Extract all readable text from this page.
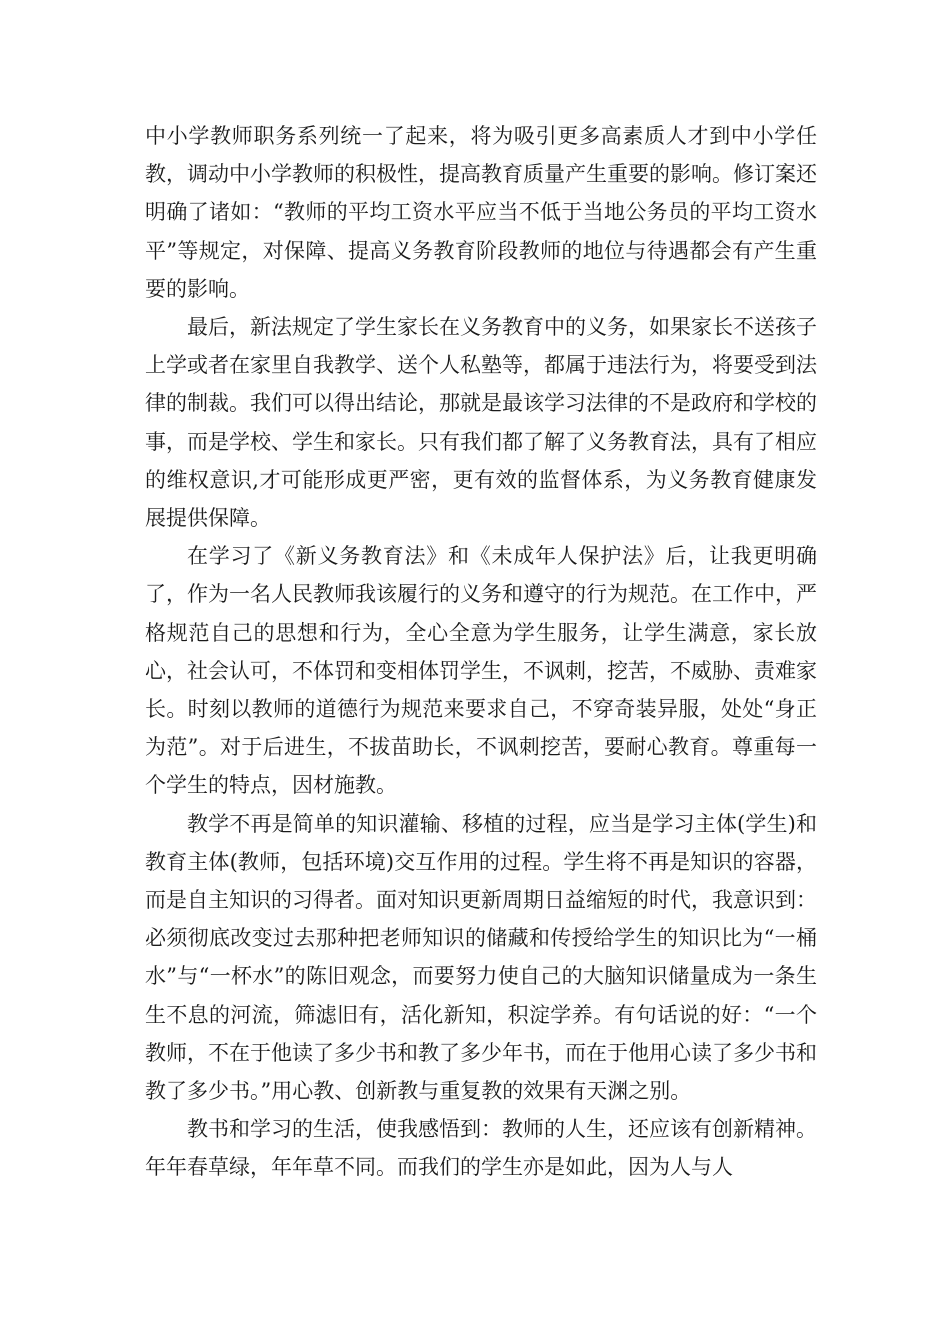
中小学教师职务系列统一了起来，将为吸引更多高素质人才到中小学任教，调动中小学教师的积极性，提高教育质量产生重要的影响。修订案还明确了诸如：“教师的平均工资水平应当不低于当地公务员的平均工资水平”等规定，对保障、提高义务教育阶段教师的地位与待遇都会有产生重要的影响。

最后，新法规定了学生家长在义务教育中的义务，如果家长不送孩子上学或者在家里自我教学、送个人私塾等，都属于违法行为，将要受到法律的制裁。我们可以得出结论，那就是最该学习法律的不是政府和学校的事，而是学校、学生和家长。只有我们都了解了义务教育法，具有了相应的维权意识,才可能形成更严密，更有效的监督体系，为义务教育健康发展提供保障。

在学习了《新义务教育法》和《未成年人保护法》后，让我更明确了，作为一名人民教师我该履行的义务和遵守的行为规范。在工作中，严格规范自己的思想和行为，全心全意为学生服务，让学生满意，家长放心，社会认可，不体罚和变相体罚学生，不讽刺，挖苦，不威胁、责难家长。时刻以教师的道德行为规范来要求自己，不穿奇装异服，处处“身正为范”。对于后进生，不拔苗助长，不讽刺挖苦，要耐心教育。尊重每一个学生的特点，因材施教。

教学不再是简单的知识灌输、移植的过程，应当是学习主体(学生)和教育主体(教师，包括环境)交互作用的过程。学生将不再是知识的容器，而是自主知识的习得者。面对知识更新周期日益缩短的时代，我意识到：必须彻底改变过去那种把老师知识的储藏和传授给学生的知识比为“一桶水”与“一杯水”的陈旧观念，而要努力使自己的大脑知识储量成为一条生生不息的河流，筛滤旧有，活化新知，积淀学养。有句话说的好：“一个教师，不在于他读了多少书和教了多少年书，而在于他用心读了多少书和教了多少书。”用心教、创新教与重复教的效果有天渊之别。

教书和学习的生活，使我感悟到：教师的人生，还应该有创新精神。年年春草绿，年年草不同。而我们的学生亦是如此，因为人与人
